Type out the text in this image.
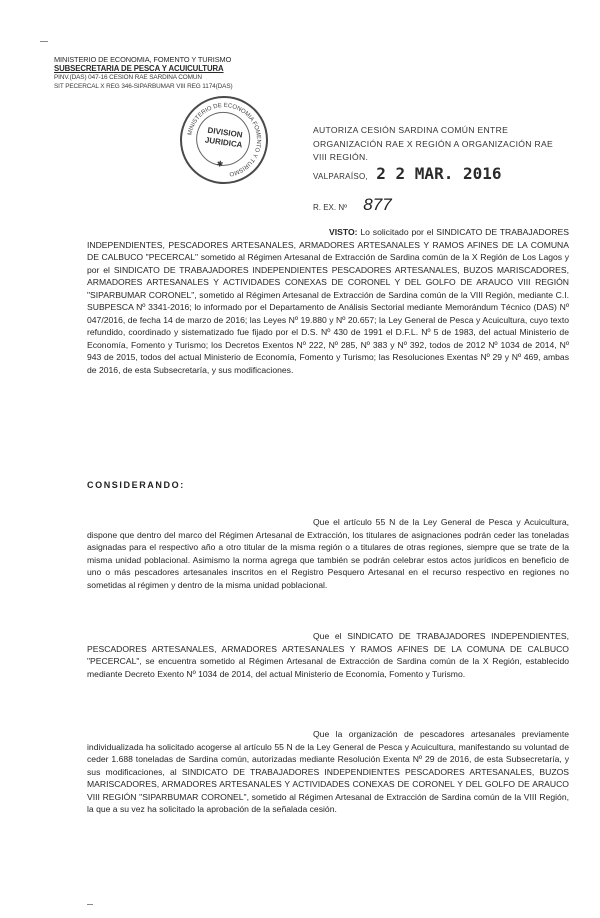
MINISTERIO DE ECONOMIA, FOMENTO Y TURISMO
SUBSECRETARIA DE PESCA Y ACUICULTURA
PINV.(DAS) 047-16 CESION RAE SARDINA COMUN
SIT PECERCAL X REG 346-SIPARBUMAR VIII REG 1174(DAS)
MINISTERIO DE ECONOMIA FOMENTO Y TURISMO
DIVISION
JURIDICA
✱
AUTORIZA CESIÓN SARDINA COMÚN ENTRE ORGANIZACIÓN RAE X REGIÓN A ORGANIZACIÓN RAE VIII REGIÓN.
VALPARAÍSO, 2 2 MAR. 2016
R. EX. Nº 877

VISTO: Lo solicitado por el SINDICATO DE TRABAJADORES INDEPENDIENTES, PESCADORES ARTESANALES, ARMADORES ARTESANALES Y RAMOS AFINES DE LA COMUNA DE CALBUCO "PECERCAL" sometido al Régimen Artesanal de Extracción de Sardina común de la X Región de Los Lagos y por el SINDICATO DE TRABAJADORES INDEPENDIENTES PESCADORES ARTESANALES, BUZOS MARISCADORES, ARMADORES ARTESANALES Y ACTIVIDADES CONEXAS DE CORONEL Y DEL GOLFO DE ARAUCO VIII REGIÓN "SIPARBUMAR CORONEL", sometido al Régimen Artesanal de Extracción de Sardina común de la VIII Región, mediante C.I. SUBPESCA Nº 3341-2016; lo informado por el Departamento de Análisis Sectorial mediante Memorándum Técnico (DAS) Nº 047/2016, de fecha 14 de marzo de 2016; las Leyes Nº 19.880 y Nº 20.657; la Ley General de Pesca y Acuicultura, cuyo texto refundido, coordinado y sistematizado fue fijado por el D.S. Nº 430 de 1991 el D.F.L. Nº 5 de 1983, del actual Ministerio de Economía, Fomento y Turismo; los Decretos Exentos Nº 222, Nº 285, Nº 383 y Nº 392, todos de 2012 Nº 1034 de 2014, Nº 943 de 2015, todos del actual Ministerio de Economía, Fomento y Turismo; las Resoluciones Exentas Nº 29 y Nº 469, ambas de 2016, de esta Subsecretaría, y sus modificaciones.

CONSIDERANDO:
Que el artículo 55 N de la Ley General de Pesca y Acuicultura, dispone que dentro del marco del Régimen Artesanal de Extracción, los titulares de asignaciones podrán ceder las toneladas asignadas para el respectivo año a otro titular de la misma región o a titulares de otras regiones, siempre que se trate de la misma unidad poblacional. Asimismo la norma agrega que también se podrán celebrar estos actos jurídicos en beneficio de uno o más pescadores artesanales inscritos en el Registro Pesquero Artesanal en el recurso respectivo en regiones no sometidas al régimen y dentro de la misma unidad poblacional.
Que el SINDICATO DE TRABAJADORES INDEPENDIENTES, PESCADORES ARTESANALES, ARMADORES ARTESANALES Y RAMOS AFINES DE LA COMUNA DE CALBUCO "PECERCAL", se encuentra sometido al Régimen Artesanal de Extracción de Sardina común de la X Región, establecido mediante Decreto Exento Nº 1034 de 2014, del actual Ministerio de Economía, Fomento y Turismo.
Que la organización de pescadores artesanales previamente individualizada ha solicitado acogerse al artículo 55 N de la Ley General de Pesca y Acuicultura, manifestando su voluntad de ceder 1.688 toneladas de Sardina común, autorizadas mediante Resolución Exenta Nº 29 de 2016, de esta Subsecretaría, y sus modificaciones, al SINDICATO DE TRABAJADORES INDEPENDIENTES PESCADORES ARTESANALES, BUZOS MARISCADORES, ARMADORES ARTESANALES Y ACTIVIDADES CONEXAS DE CORONEL Y DEL GOLFO DE ARAUCO VIII REGIÓN "SIPARBUMAR CORONEL", sometido al Régimen Artesanal de Extracción de Sardina común de la VIII Región, la que a su vez ha solicitado la aprobación de la señalada cesión.
